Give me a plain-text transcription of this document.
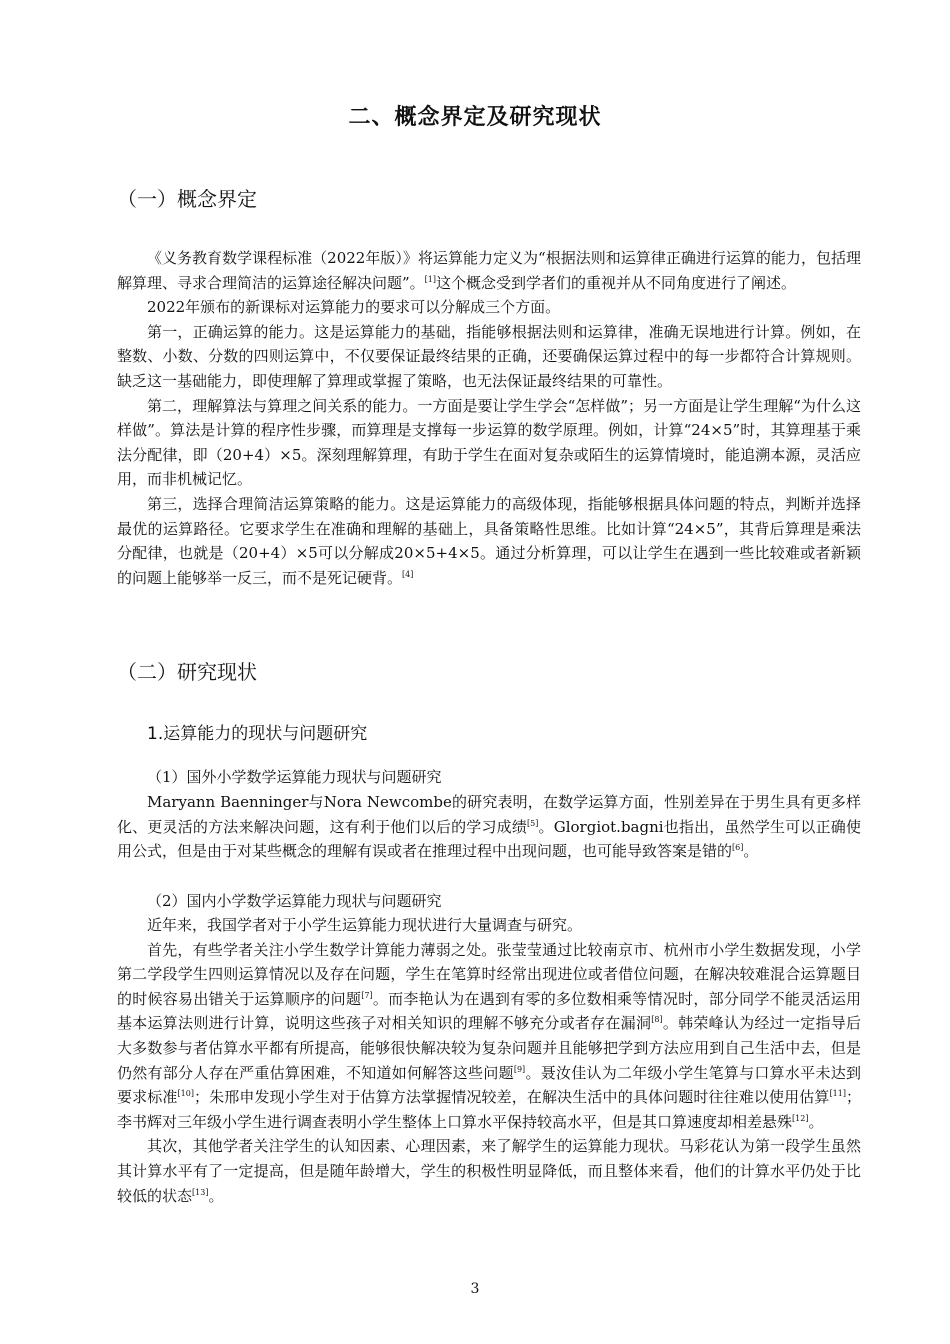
二、概念界定及研究现状
（一）概念界定

《义务教育数学课程标准（2022年版）》将运算能力定义为“根据法则和运算律正确进行运算的能力，包括理解算理、寻求合理简洁的运算途径解决问题”。[1]这个概念受到学者们的重视并从不同角度进行了阐述。

2022年颁布的新课标对运算能力的要求可以分解成三个方面。

第一，正确运算的能力。这是运算能力的基础，指能够根据法则和运算律，准确无误地进行计算。例如，在整数、小数、分数的四则运算中，不仅要保证最终结果的正确，还要确保运算过程中的每一步都符合计算规则。缺乏这一基础能力，即使理解了算理或掌握了策略，也无法保证最终结果的可靠性。

第二，理解算法与算理之间关系的能力。一方面是要让学生学会“怎样做”；另一方面是让学生理解“为什么这样做”。算法是计算的程序性步骤，而算理是支撑每一步运算的数学原理。例如，计算“24×5”时，其算理基于乘法分配律，即（20+4）×5。深刻理解算理，有助于学生在面对复杂或陌生的运算情境时，能追溯本源，灵活应用，而非机械记忆。

第三，选择合理简洁运算策略的能力。这是运算能力的高级体现，指能够根据具体问题的特点，判断并选择最优的运算路径。它要求学生在准确和理解的基础上，具备策略性思维。比如计算“24×5”，其背后算理是乘法分配律，也就是（20+4）×5可以分解成20×5+4×5。通过分析算理，可以让学生在遇到一些比较难或者新颖的问题上能够举一反三，而不是死记硬背。[4]

（二）研究现状
1.运算能力的现状与问题研究
（1）国外小学数学运算能力现状与问题研究

Maryann Baenninger与Nora Newcombe的研究表明，在数学运算方面，性别差异在于男生具有更多样化、更灵活的方法来解决问题，这有利于他们以后的学习成绩[5]。Glorgiot.bagni也指出，虽然学生可以正确使用公式，但是由于对某些概念的理解有误或者在推理过程中出现问题，也可能导致答案是错的[6]。

（2）国内小学数学运算能力现状与问题研究

近年来，我国学者对于小学生运算能力现状进行大量调查与研究。

首先，有些学者关注小学生数学计算能力薄弱之处。张莹莹通过比较南京市、杭州市小学生数据发现，小学第二学段学生四则运算情况以及存在问题，学生在笔算时经常出现进位或者借位问题，在解决较难混合运算题目的时候容易出错关于运算顺序的问题[7]。而李艳认为在遇到有零的多位数相乘等情况时，部分同学不能灵活运用基本运算法则进行计算，说明这些孩子对相关知识的理解不够充分或者存在漏洞[8]。韩荣峰认为经过一定指导后大多数参与者估算水平都有所提高，能够很快解决较为复杂问题并且能够把学到方法应用到自己生活中去，但是仍然有部分人存在严重估算困难，不知道如何解答这些问题[9]。聂汝佳认为二年级小学生笔算与口算水平未达到要求标准[10]；朱邢申发现小学生对于估算方法掌握情况较差，在解决生活中的具体问题时往往难以使用估算[11]；李书辉对三年级小学生进行调查表明小学生整体上口算水平保持较高水平，但是其口算速度却相差悬殊[12]。

其次，其他学者关注学生的认知因素、心理因素，来了解学生的运算能力现状。马彩花认为第一段学生虽然其计算水平有了一定提高，但是随年龄增大，学生的积极性明显降低，而且整体来看，他们的计算水平仍处于比较低的状态[13]。

3
